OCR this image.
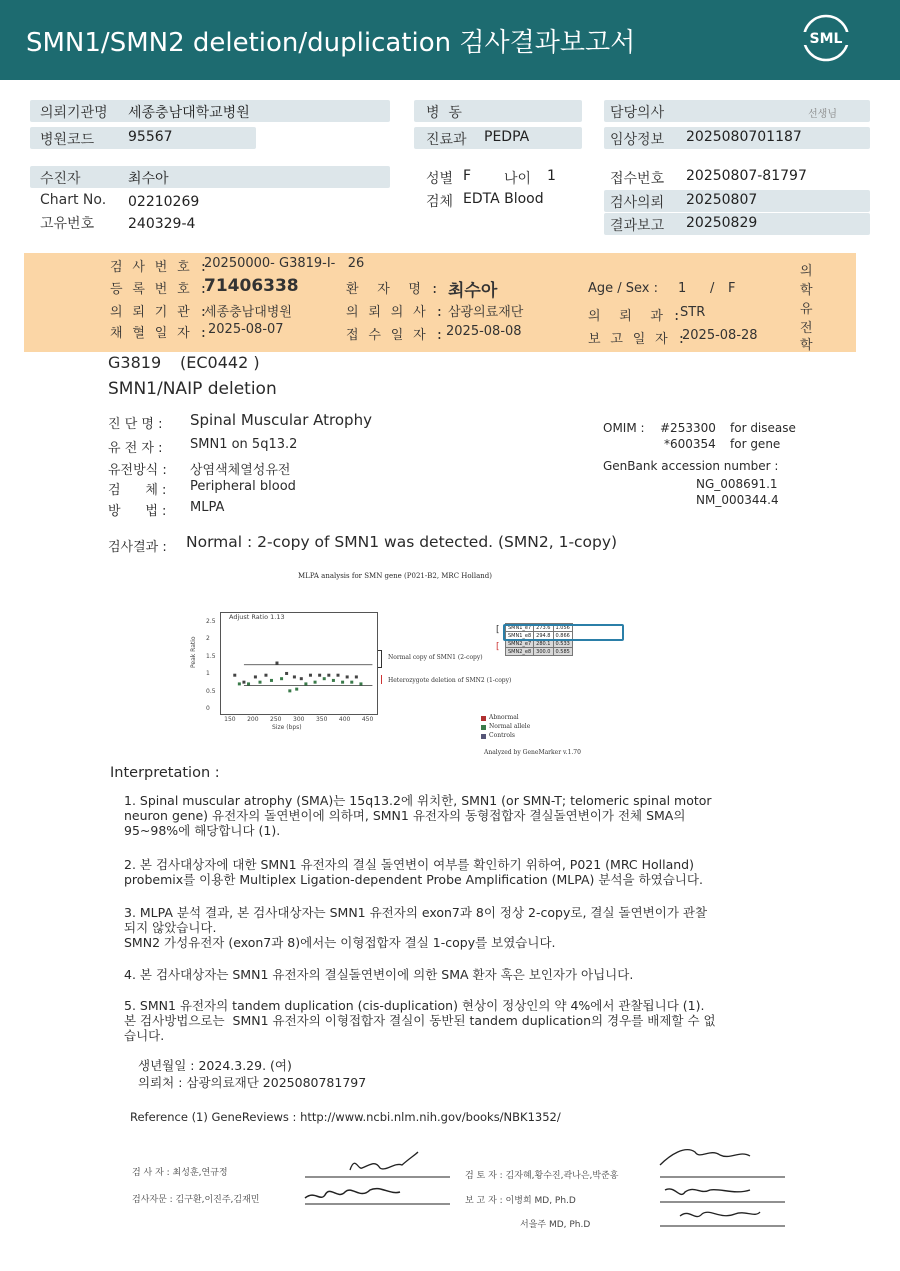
SMN1/SMN2 deletion/duplication 검사결과보고서	SML
의뢰기관명 세종충남대학교병원
병원코드 95567
병  동
진료과 PEDPA
담당의사	선생님
임상정보 2025080701187
수진자	최수아
Chart No. 02210269
고유번호 240329-4
성별 F 나이 1
검체 EDTA Blood
접수번호 20250807-81797
검사의뢰 20250807
결과보고 20250829
검 사 번 호 :
20250000- G3819-I-   26
등 록 번 호 :
71406338	환  자  명 : 최수아	Age / Sex : 1 / F
의 뢰 기 관 :
세종충남대병원	의 뢰 의 사 : 삼광의료재단	의  뢰  과 :
STR
채 혈 일 자 : 2025-08-07	접 수 일 자 : 2025-08-08
보 고 일 자 :
2025-08-28
의
학
유
전
학
G3819 (EC0442 )
SMN1/NAIP deletion
진 단 명 : Spinal Muscular Atrophy
유 전 자 : SMN1 on 5q13.2
유전방식 : 상염색체열성유전
검      체 : Peripheral blood
방      법 : MLPA
OMIM : #253300 for disease
*600354 for gene
GenBank accession number :
NG_008691.1
NM_000344.4
검사결과 : Normal : 2-copy of SMN1 was detected. (SMN2, 1-copy)
MLPA analysis for SMN gene (P021-B2, MRC Holland)
Adjust Ratio 1.13
2.5
2
1.5
1
0.5
0
150 200 250 300 350 400 450
Size (bps)
Peak Ratio	Normal copy of SMN1 (2-copy)
Heterozygote deletion of SMN2 (1-copy)
SMN1_e7	273.6	1.056
SMN1_e8	294.8	0.866
SMN2_e7	280.1	0.533
SMN2_e8	300.0	0.585
[
[
Abnormal
Normal allele
Controls
Analyzed by GeneMarker v.1.70
Interpretation :
1. Spinal muscular atrophy (SMA)는 15q13.2에 위치한, SMN1 (or SMN-T; telomeric spinal motor
neuron gene) 유전자의 돌연변이에 의하며, SMN1 유전자의 동형접합자 결실돌연변이가 전체 SMA의
95~98%에 해당합니다 (1).
2. 본 검사대상자에 대한 SMN1 유전자의 결실 돌연변이 여부를 확인하기 위하여, P021 (MRC Holland)
probemix를 이용한 Multiplex Ligation-dependent Probe Amplification (MLPA) 분석을 하였습니다.
3. MLPA 분석 결과, 본 검사대상자는 SMN1 유전자의 exon7과 8이 정상 2-copy로, 결실 돌연변이가 관찰
되지 않았습니다.
SMN2 가성유전자 (exon7과 8)에서는 이형접합자 결실 1-copy를 보였습니다.
4. 본 검사대상자는 SMN1 유전자의 결실돌연변이에 의한 SMA 환자 혹은 보인자가 아닙니다.
5. SMN1 유전자의 tandem duplication (cis-duplication) 현상이 정상인의 약 4%에서 관찰됩니다 (1).
본 검사방법으로는  SMN1 유전자의 이형접합자 결실이 동반된 tandem duplication의 경우를 배제할 수 없
습니다.
생년월일 : 2024.3.29. (여)
의뢰처 : 삼광의료재단 2025080781797
Reference (1) GeneReviews : http://www.ncbi.nlm.nih.gov/books/NBK1352/
검 사 자 : 최성훈,연규정
검사자문 : 김구환,이진주,김재민
검 토 자 : 김자혜,황수진,곽나은,박준홍
보 고 자 : 이병희 MD, Ph.D
서을주 MD, Ph.D
